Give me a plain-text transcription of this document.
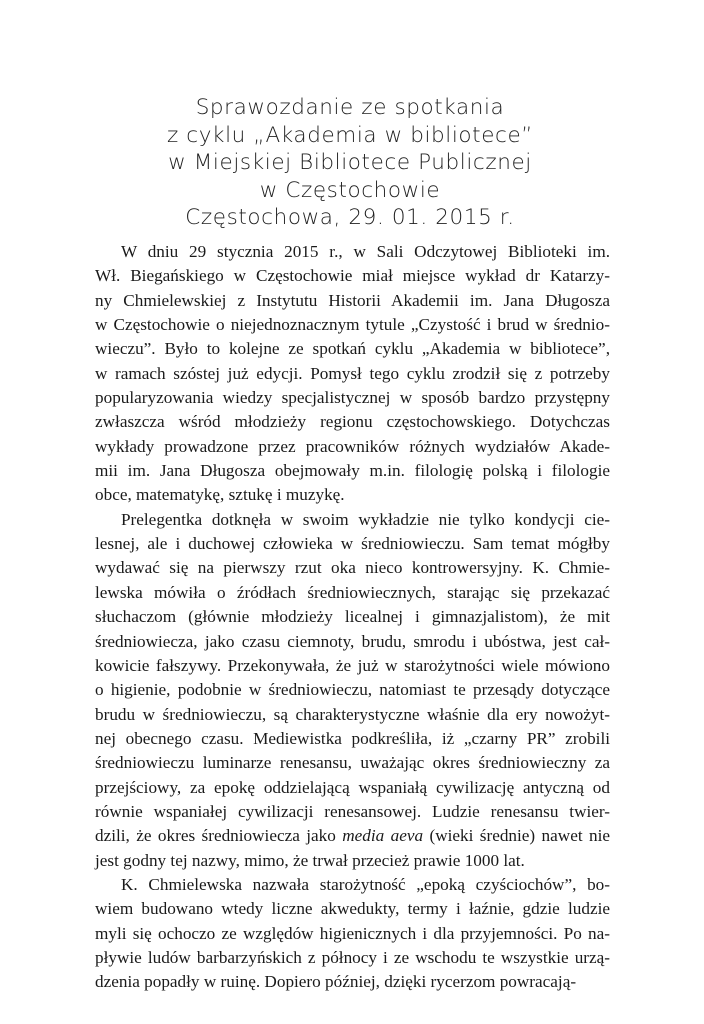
Sprawozdanie ze spotkania
z cyklu „Akademia w bibliotece”
w Miejskiej Bibliotece Publicznej
w Częstochowie
Częstochowa, 29. 01. 2015 r.
W dniu 29 stycznia 2015 r., w Sali Odczytowej Biblioteki im.
Wł. Biegańskiego w Częstochowie miał miejsce wykład dr Katarzy-
ny Chmielewskiej z Instytutu Historii Akademii im. Jana Długosza
w Częstochowie o niejednoznacznym tytule „Czystość i brud w średnio-
wieczu”. Było to kolejne ze spotkań cyklu „Akademia w bibliotece”,
w ramach szóstej już edycji. Pomysł tego cyklu zrodził się z potrzeby
popularyzowania wiedzy specjalistycznej w sposób bardzo przystępny
zwłaszcza wśród młodzieży regionu częstochowskiego. Dotychczas
wykłady prowadzone przez pracowników różnych wydziałów Akade-
mii im. Jana Długosza obejmowały m.in. filologię polską i filologie
obce, matematykę, sztukę i muzykę.
Prelegentka dotknęła w swoim wykładzie nie tylko kondycji cie-
lesnej, ale i duchowej człowieka w średniowieczu. Sam temat mógłby
wydawać się na pierwszy rzut oka nieco kontrowersyjny. K. Chmie-
lewska mówiła o źródłach średniowiecznych, starając się przekazać
słuchaczom (głównie młodzieży licealnej i gimnazjalistom), że mit
średniowiecza, jako czasu ciemnoty, brudu, smrodu i ubóstwa, jest cał-
kowicie fałszywy. Przekonywała, że już w starożytności wiele mówiono
o higienie, podobnie w średniowieczu, natomiast te przesądy dotyczące
brudu w średniowieczu, są charakterystyczne właśnie dla ery nowożyt-
nej obecnego czasu. Mediewistka podkreśliła, iż „czarny PR” zrobili
średniowieczu luminarze renesansu, uważając okres średniowieczny za
przejściowy, za epokę oddzielającą wspaniałą cywilizację antyczną od
równie wspaniałej cywilizacji renesansowej. Ludzie renesansu twier-
dzili, że okres średniowiecza jako media aeva (wieki średnie) nawet nie
jest godny tej nazwy, mimo, że trwał przecież prawie 1000 lat.
K. Chmielewska nazwała starożytność „epoką czyściochów”, bo-
wiem budowano wtedy liczne akwedukty, termy i łaźnie, gdzie ludzie
myli się ochoczo ze względów higienicznych i dla przyjemności. Po na-
pływie ludów barbarzyńskich z północy i ze wschodu te wszystkie urzą-
dzenia popadły w ruinę. Dopiero później, dzięki rycerzom powracają-
